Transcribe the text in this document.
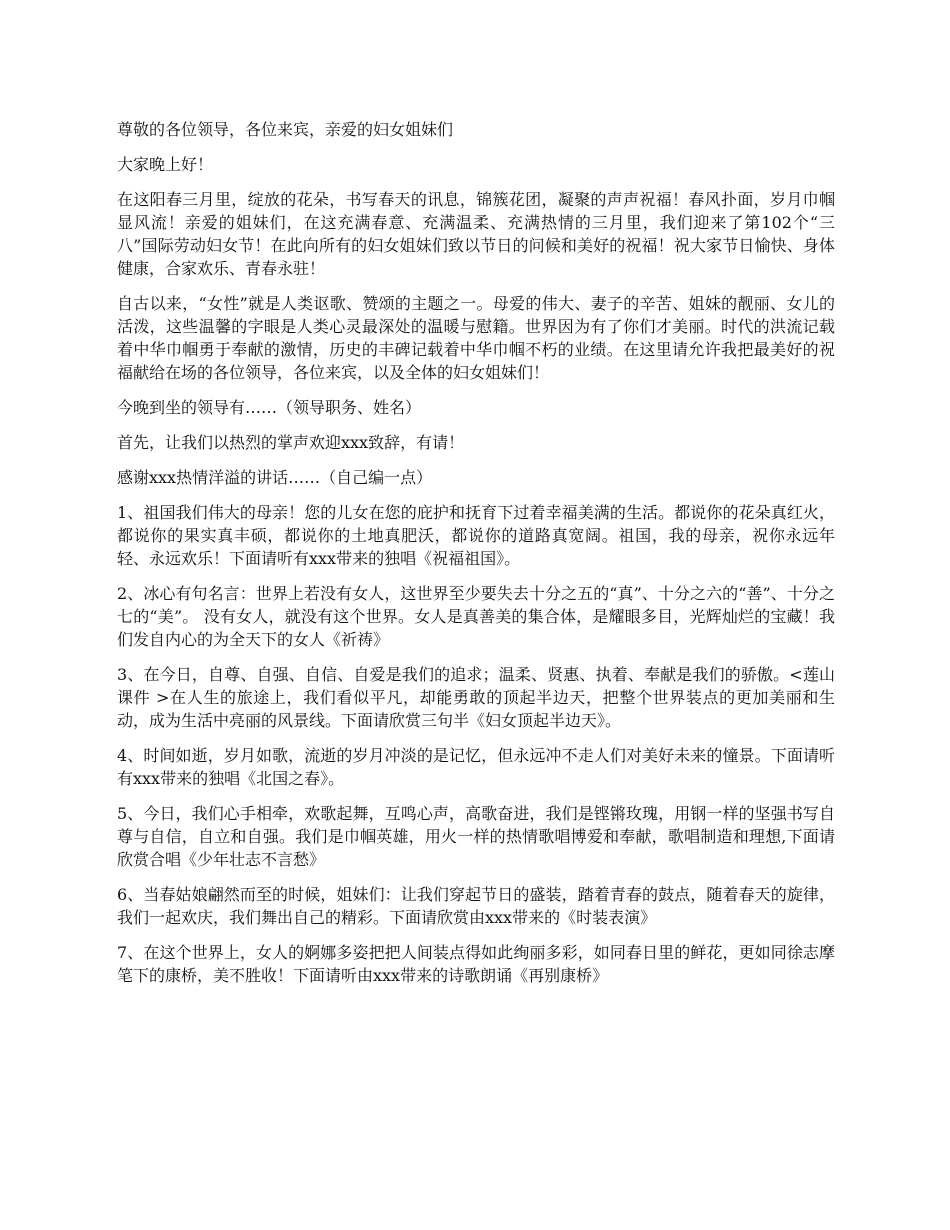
尊敬的各位领导，各位来宾，亲爱的妇女姐妹们

大家晚上好！

在这阳春三月里，绽放的花朵，书写春天的讯息，锦簇花团，凝聚的声声祝福！春风扑面，岁月巾帼显风流！亲爱的姐妹们，在这充满春意、充满温柔、充满热情的三月里，我们迎来了第102个“三八”国际劳动妇女节！在此向所有的妇女姐妹们致以节日的问候和美好的祝福！祝大家节日愉快、身体健康，合家欢乐、青春永驻！

自古以来，“女性”就是人类讴歌、赞颂的主题之一。母爱的伟大、妻子的辛苦、姐妹的靓丽、女儿的活泼，这些温馨的字眼是人类心灵最深处的温暖与慰籍。世界因为有了你们才美丽。时代的洪流记载着中华巾帼勇于奉献的激情，历史的丰碑记载着中华巾帼不朽的业绩。在这里请允许我把最美好的祝福献给在场的各位领导，各位来宾，以及全体的妇女姐妹们！

今晚到坐的领导有……（领导职务、姓名）

首先，让我们以热烈的掌声欢迎xxx致辞，有请！

感谢xxx热情洋溢的讲话……（自己编一点）

1、祖国我们伟大的母亲！您的儿女在您的庇护和抚育下过着幸福美满的生活。都说你的花朵真红火，都说你的果实真丰硕，都说你的土地真肥沃，都说你的道路真宽阔。祖国，我的母亲，祝你永远年轻、永远欢乐！下面请听有xxx带来的独唱《祝福祖国》。

2、冰心有句名言：世界上若没有女人，这世界至少要失去十分之五的“真”、十分之六的“善”、十分之七的“美”。 没有女人，就没有这个世界。女人是真善美的集合体，是耀眼多目，光辉灿烂的宝藏！我们发自内心的为全天下的女人《祈祷》

3、在今日，自尊、自强、自信、自爱是我们的追求；温柔、贤惠、执着、奉献是我们的骄傲。<莲山 课件 >在人生的旅途上，我们看似平凡，却能勇敢的顶起半边天，把整个世界装点的更加美丽和生动，成为生活中亮丽的风景线。下面请欣赏三句半《妇女顶起半边天》。

4、时间如逝，岁月如歌，流逝的岁月冲淡的是记忆，但永远冲不走人们对美好未来的憧景。下面请听有xxx带来的独唱《北国之春》。

5、今日，我们心手相牵，欢歌起舞，互鸣心声，高歌奋进，我们是铿锵玫瑰，用钢一样的坚强书写自尊与自信，自立和自强。我们是巾帼英雄，用火一样的热情歌唱博爱和奉献，歌唱制造和理想,下面请欣赏合唱《少年壮志不言愁》

6、当春姑娘翩然而至的时候，姐妹们：让我们穿起节日的盛装，踏着青春的鼓点，随着春天的旋律，我们一起欢庆，我们舞出自己的精彩。下面请欣赏由xxx带来的《时装表演》

7、在这个世界上，女人的婀娜多姿把把人间装点得如此绚丽多彩，如同春日里的鲜花，更如同徐志摩笔下的康桥，美不胜收！下面请听由xxx带来的诗歌朗诵《再别康桥》
